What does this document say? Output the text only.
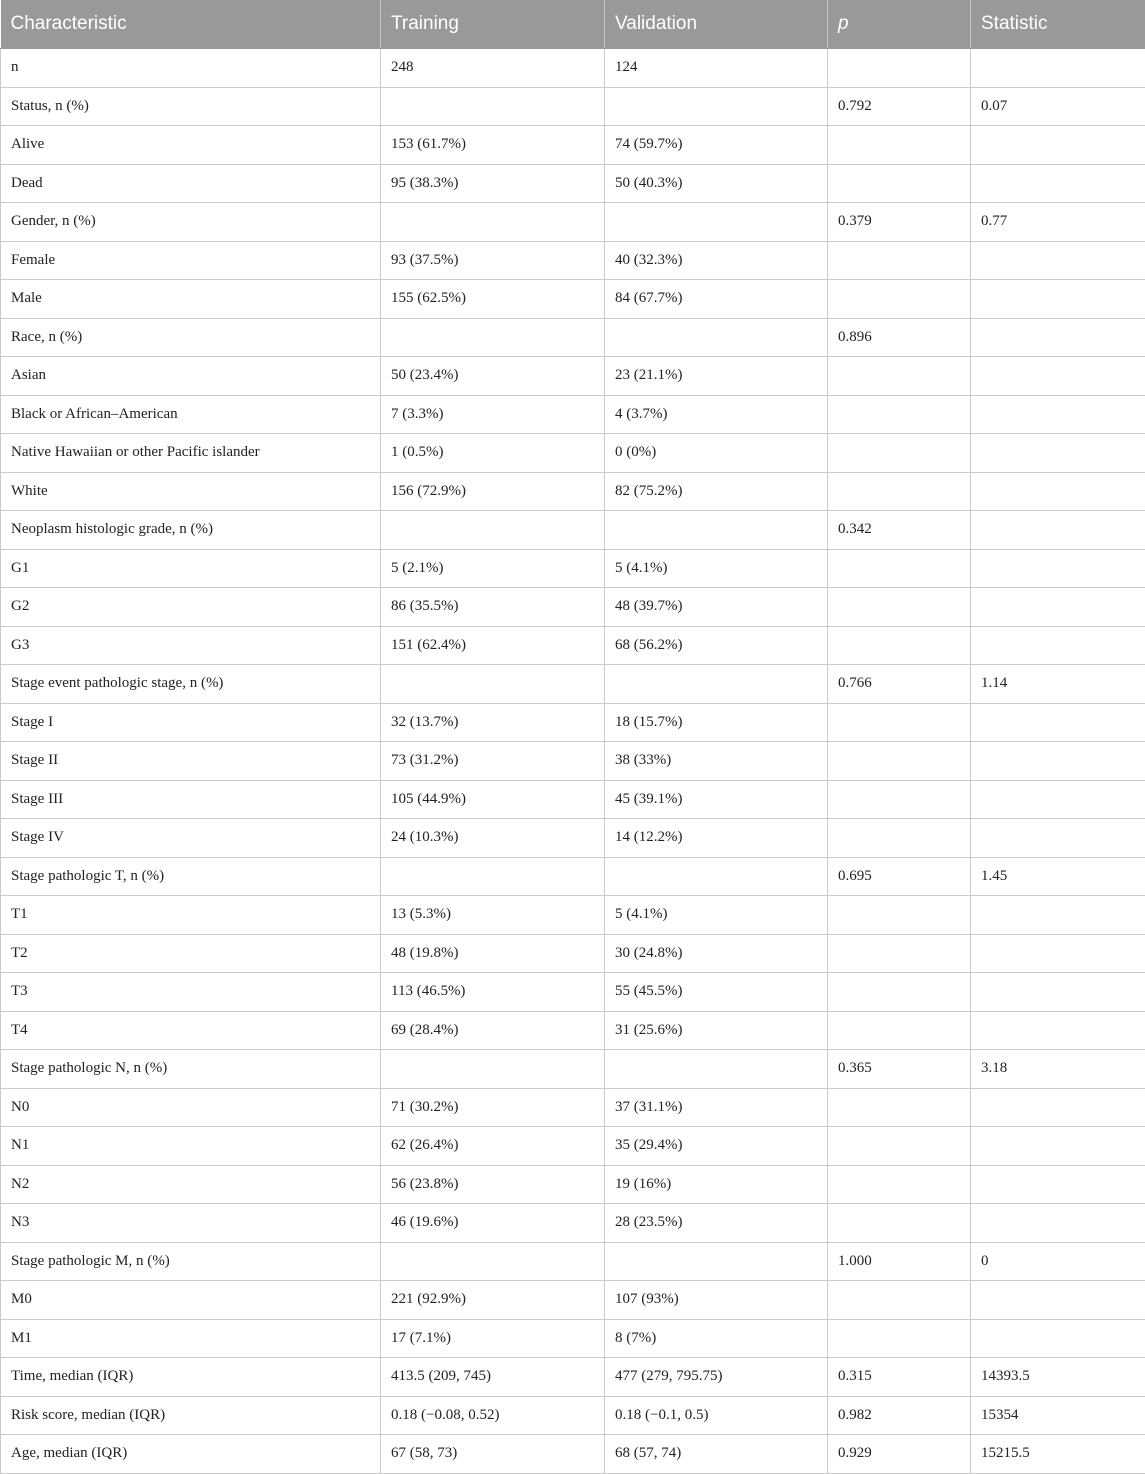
Characteristic	Training	Validation	p	Statistic
n	248	124		
Status, n (%)			0.792	0.07
Alive	153 (61.7%)	74 (59.7%)		
Dead	95 (38.3%)	50 (40.3%)		
Gender, n (%)			0.379	0.77
Female	93 (37.5%)	40 (32.3%)		
Male	155 (62.5%)	84 (67.7%)		
Race, n (%)			0.896	
Asian	50 (23.4%)	23 (21.1%)		
Black or African–American	7 (3.3%)	4 (3.7%)		
Native Hawaiian or other Pacific islander	1 (0.5%)	0 (0%)		
White	156 (72.9%)	82 (75.2%)		
Neoplasm histologic grade, n (%)			0.342	
G1	5 (2.1%)	5 (4.1%)		
G2	86 (35.5%)	48 (39.7%)		
G3	151 (62.4%)	68 (56.2%)		
Stage event pathologic stage, n (%)			0.766	1.14
Stage I	32 (13.7%)	18 (15.7%)		
Stage II	73 (31.2%)	38 (33%)		
Stage III	105 (44.9%)	45 (39.1%)		
Stage IV	24 (10.3%)	14 (12.2%)		
Stage pathologic T, n (%)			0.695	1.45
T1	13 (5.3%)	5 (4.1%)		
T2	48 (19.8%)	30 (24.8%)		
T3	113 (46.5%)	55 (45.5%)		
T4	69 (28.4%)	31 (25.6%)		
Stage pathologic N, n (%)			0.365	3.18
N0	71 (30.2%)	37 (31.1%)		
N1	62 (26.4%)	35 (29.4%)		
N2	56 (23.8%)	19 (16%)		
N3	46 (19.6%)	28 (23.5%)		
Stage pathologic M, n (%)			1.000	0
M0	221 (92.9%)	107 (93%)		
M1	17 (7.1%)	8 (7%)		
Time, median (IQR)	413.5 (209, 745)	477 (279, 795.75)	0.315	14393.5
Risk score, median (IQR)	0.18 (−0.08, 0.52)	0.18 (−0.1, 0.5)	0.982	15354
Age, median (IQR)	67 (58, 73)	68 (57, 74)	0.929	15215.5
